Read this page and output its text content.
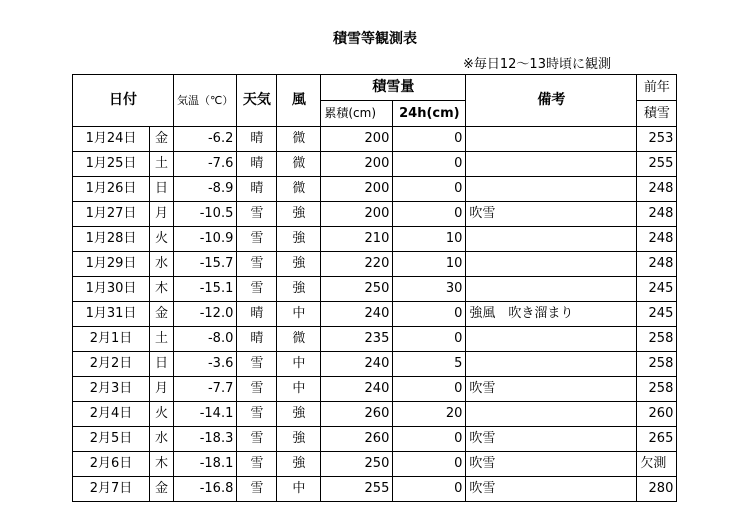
積雪等観測表
※毎日12～13時頃に観測
日付		気温（℃）	天気	風	積雪量		備考	前年
					累積(cm)	24h(cm)		積雪
1月24日	金	-6.2	晴	微	200	0		253
1月25日	土	-7.6	晴	微	200	0		255
1月26日	日	-8.9	晴	微	200	0		248
1月27日	月	-10.5	雪	強	200	0	吹雪	248
1月28日	火	-10.9	雪	強	210	10		248
1月29日	水	-15.7	雪	強	220	10		248
1月30日	木	-15.1	雪	強	250	30		245
1月31日	金	-12.0	晴	中	240	0	強風　吹き溜まり	245
2月1日	土	-8.0	晴	微	235	0		258
2月2日	日	-3.6	雪	中	240	5		258
2月3日	月	-7.7	雪	中	240	0	吹雪	258
2月4日	火	-14.1	雪	強	260	20		260
2月5日	水	-18.3	雪	強	260	0	吹雪	265
2月6日	木	-18.1	雪	強	250	0	吹雪	欠測
2月7日	金	-16.8	雪	中	255	0	吹雪	280
